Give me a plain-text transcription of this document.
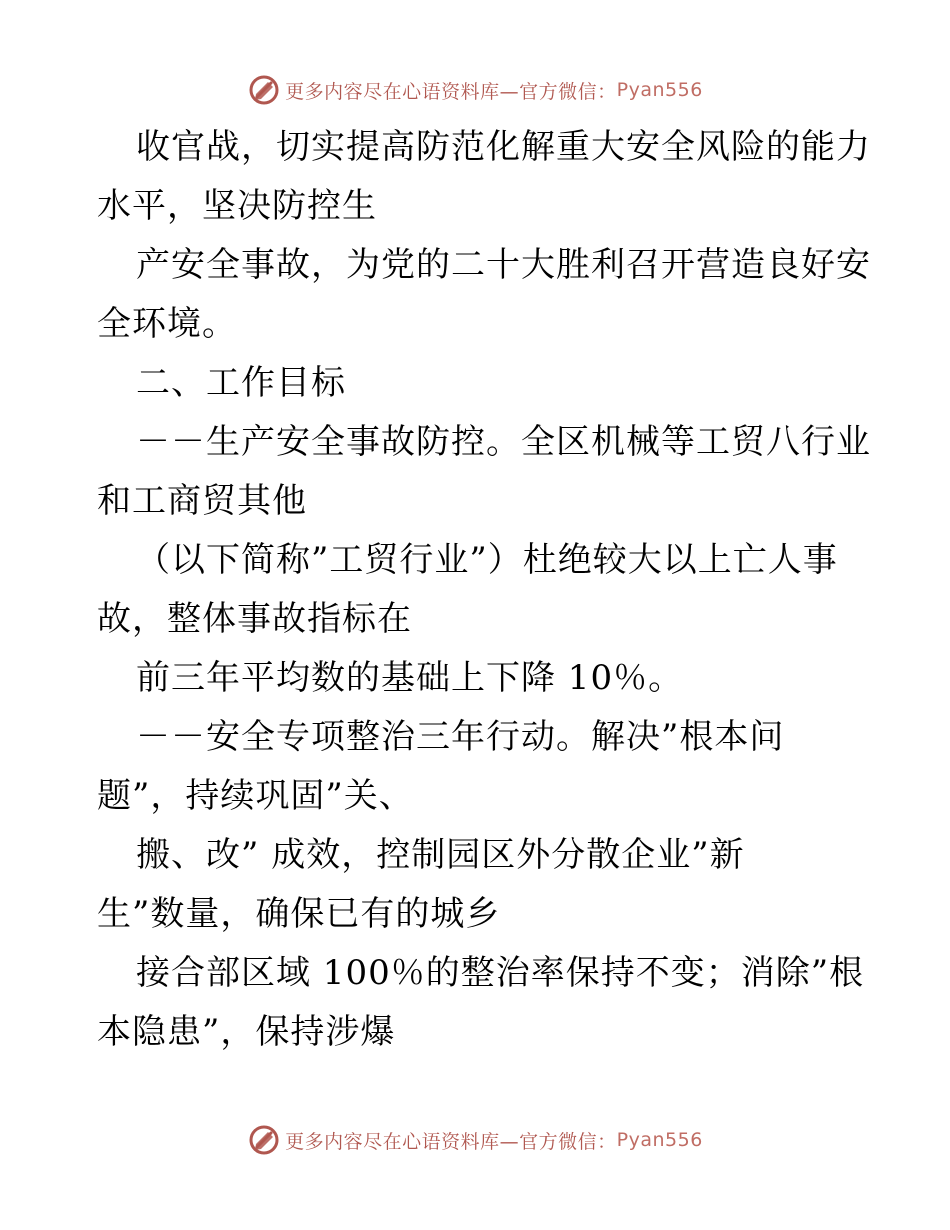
更多内容尽在心语资料库—官方微信： Pyan556

收官战，切实提高防范化解重大安全风险的能力

水平，坚决防控生

产安全事故，为党的二十大胜利召开营造良好安

全环境。

二、工作目标

－－生产安全事故防控。全区机械等工贸八行业

和工商贸其他

（以下简称”工贸行业”）杜绝较大以上亡人事

故，整体事故指标在

前三年平均数的基础上下降 10％。

－－安全专项整治三年行动。解决”根本问

题”，持续巩固”关、

搬、改” 成效，控制园区外分散企业”新

生”数量，确保已有的城乡

接合部区域 100％的整治率保持不变；消除”根

本隐患”，保持涉爆

更多内容尽在心语资料库—官方微信： Pyan556
